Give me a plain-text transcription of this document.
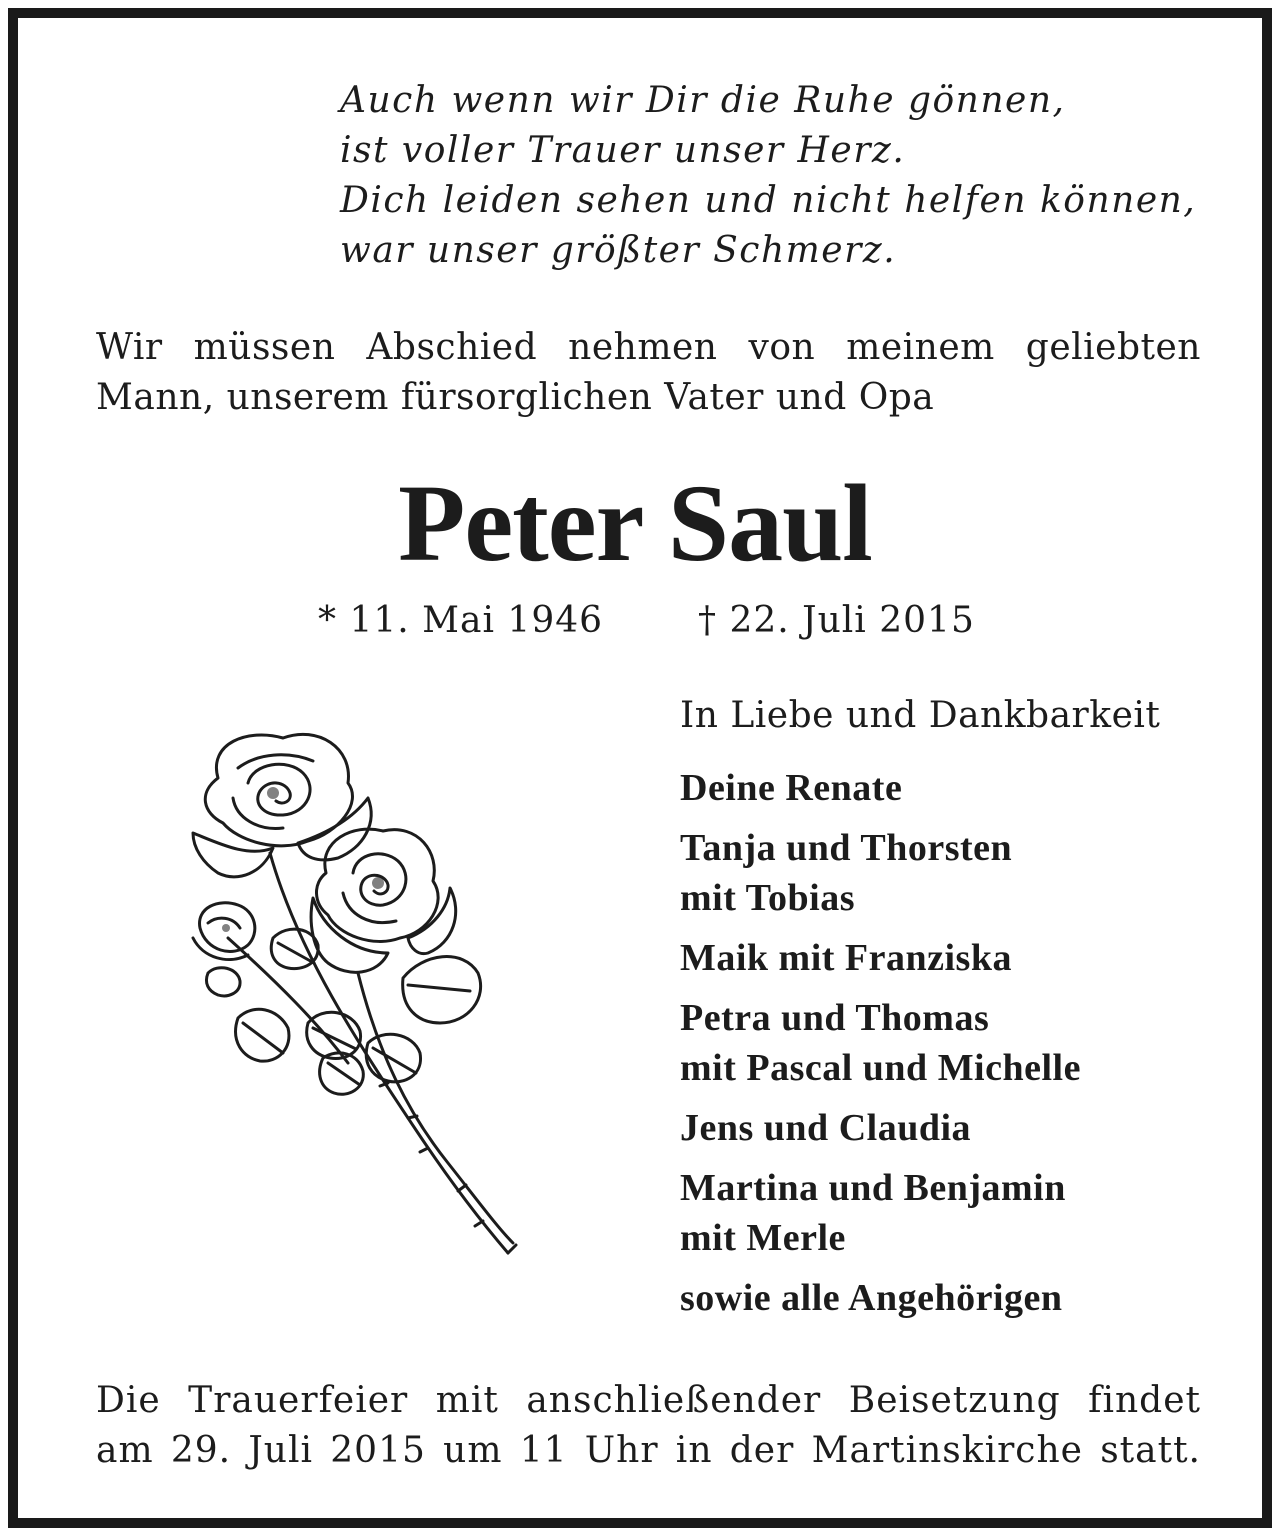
Auch wenn wir Dir die Ruhe gönnen,
ist voller Trauer unser Herz.
Dich leiden sehen und nicht helfen können,
war unser größter Schmerz.
Wir müssen Abschied nehmen von meinem geliebten
Mann, unserem fürsorglichen Vater und Opa
Peter Saul
* 11. Mai 1946	† 22. Juli 2015
In Liebe und Dankbarkeit
Deine Renate
Tanja und Thorsten
mit Tobias
Maik mit Franziska
Petra und Thomas
mit Pascal und Michelle
Jens und Claudia
Martina und Benjamin
mit Merle
sowie alle Angehörigen
Die Trauerfeier mit anschließender Beisetzung findet
am 29. Juli 2015 um 11 Uhr in der Martinskirche statt.
